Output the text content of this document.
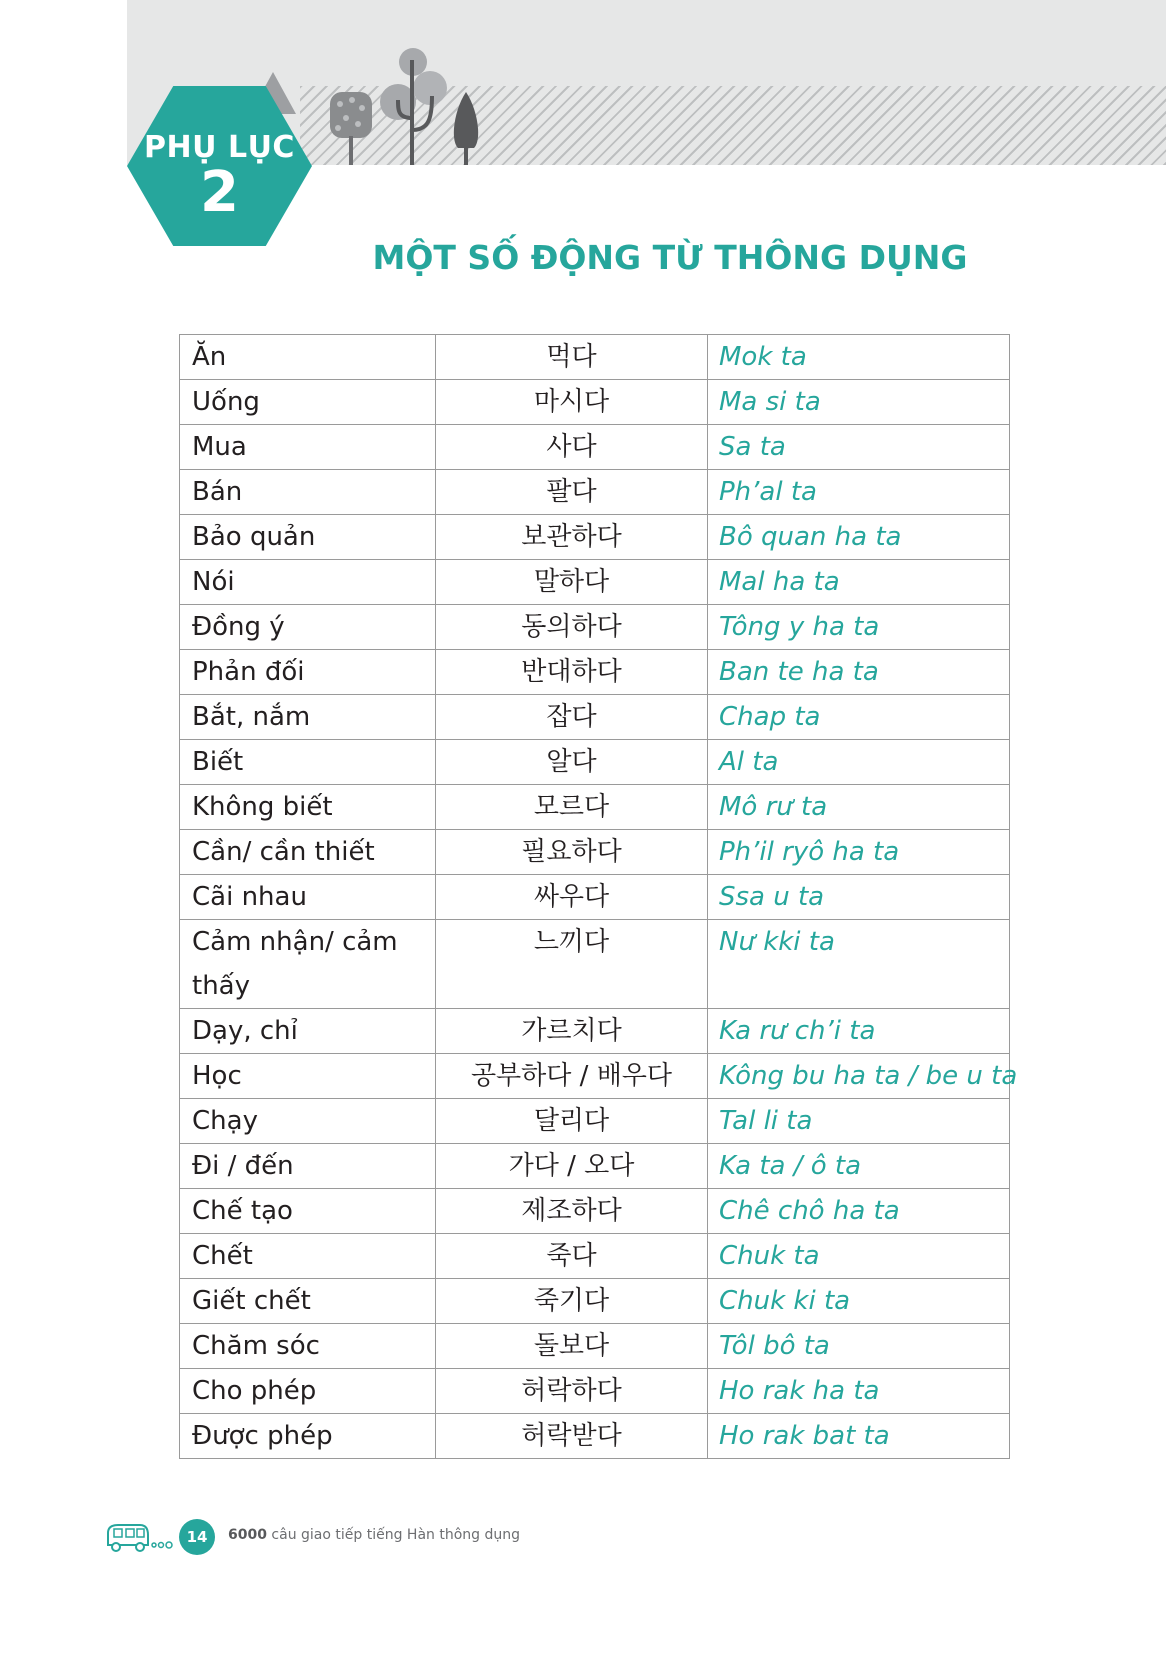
PHỤ LỤC
2
MỘT SỐ ĐỘNG TỪ THÔNG DỤNG
Ăn	먹다	Mok ta
Uống	마시다	Ma si ta
Mua	사다	Sa ta
Bán	팔다	Ph’al ta
Bảo quản	보관하다	Bô quan ha ta
Nói	말하다	Mal ha ta
Đồng ý	동의하다	Tông y ha ta
Phản đối	반대하다	Ban te ha ta
Bắt, nắm	잡다	Chap ta
Biết	알다	Al ta
Không biết	모르다	Mô rư ta
Cần/ cần thiết	필요하다	Ph’il ryô ha ta
Cãi nhau	싸우다	Ssa u ta
Cảm nhận/ cảm thấy	느끼다	Nư kki ta
Dạy, chỉ	가르치다	Ka rư ch’i ta
Học	공부하다 / 배우다	Kông bu ha ta / be u ta
Chạy	달리다	Tal li ta
Đi / đến	가다 / 오다	Ka ta / ô ta
Chế tạo	제조하다	Chê chô ha ta
Chết	죽다	Chuk ta
Giết chết	죽기다	Chuk ki ta
Chăm sóc	돌보다	Tôl bô ta
Cho phép	허락하다	Ho rak ha ta
Được phép	허락받다	Ho rak bat ta
14	6000 câu giao tiếp tiếng Hàn thông dụng
